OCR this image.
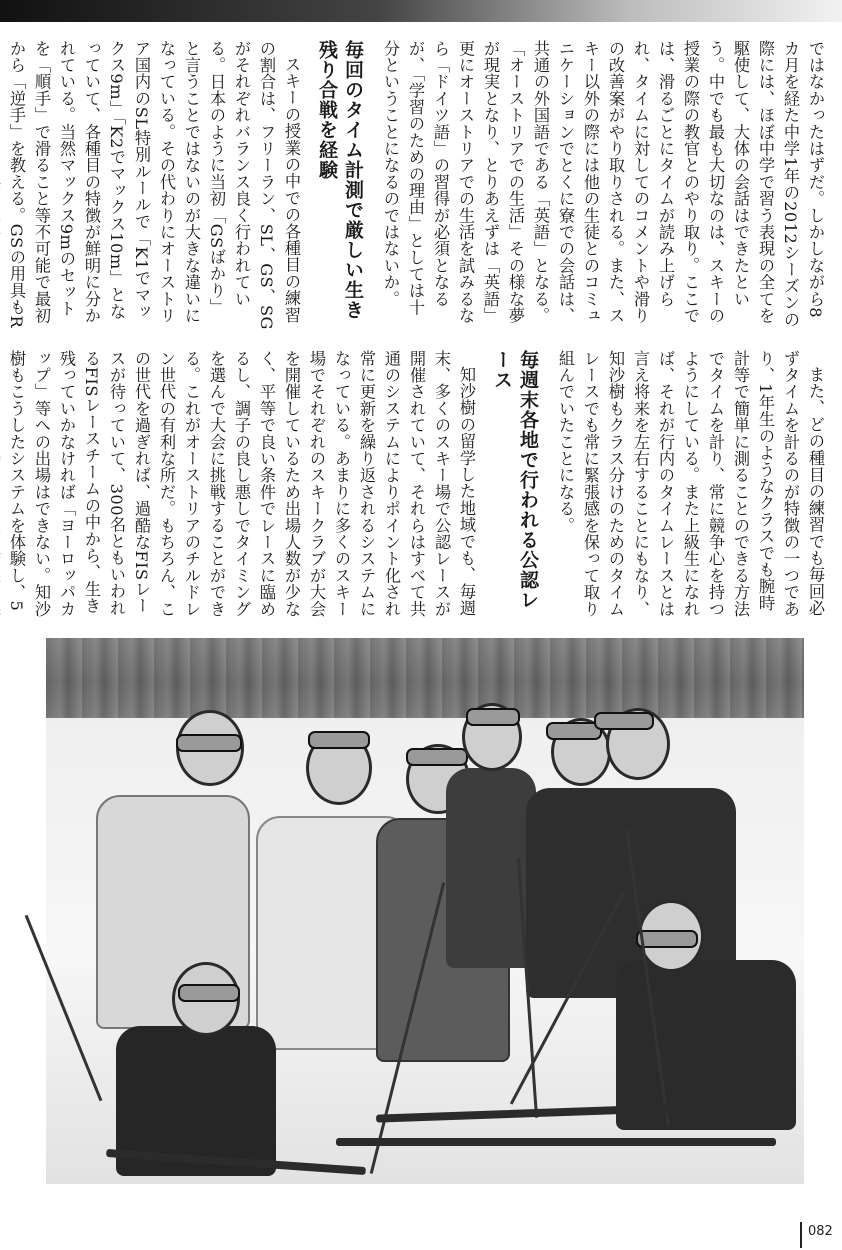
ではなかったはずだ。しかしながら8カ月を経た中学1年の2012シーズンの際には、ほぼ中学で習う表現の全てを駆使して、大体の会話はできたという。中でも最も大切なのは、スキーの授業の際の教官とのやり取り。ここでは、滑るごとにタイムが読み上げられ、タイムに対してのコメントや滑りの改善案がやり取りされる。また、スキー以外の際には他の生徒とのコミュニケーションでとくに寮での会話は、共通の外国語である「英語」となる。「オーストリアでの生活」その様な夢が現実となり、とりあえずは「英語」更にオーストリアでの生活を試みるなら「ドイツ語」の習得が必須となるが、「学習のための理由」としては十分ということになるのではないか。

毎回のタイム計測で厳しい生き残り合戦を経験

スキーの授業の中での各種目の練習の割合は、フリーラン、SL、GS、SGがそれぞれバランス良く行われている。日本のように当初「GSばかり」と言うことではないのが大きな違いになっている。その代わりにオーストリア国内のSL特別ルールで「K1でマックス9m」「K2でマックス10m」となっていて、各種目の特徴が鮮明に分かれている。当然マックス9mのセットを「順手」で滑ること等不可能で最初から「逆手」を教える。GSの用具もR

また、どの種目の練習でも毎回必ずタイムを計るのが特徴の一つであり、1年生のようなクラスでも腕時計等で簡単に測ることのできる方法でタイムを計り、常に競争心を持つようにしている。また上級生になれば、それが行内のタイムレースとは言え将来を左右することにもなり、知沙樹もクラス分けのためのタイムレースでも常に緊張感を保って取り組んでいたことになる。

毎週末各地で行われる公認レース

知沙樹の留学した地域でも、毎週末、多くのスキー場で公認レースが開催されていて、それらはすべて共通のシステムによりポイント化され常に更新を繰り返されるシステムになっている。あまりに多くのスキー場でそれぞれのスキークラブが大会を開催しているため出場人数が少なく、平等で良い条件でレースに臨めるし、調子の良し悪しでタイミングを選んで大会に挑戦することができる。これがオーストリアのチルドレン世代の有利な所だ。もちろん、この世代を過ぎれば、過酷なFISレースが待っていて、300名ともいわれるFISレースチームの中から、生き残っていかなければ「ヨーロッパカップ」等への出場はできない。知沙樹もこうしたシステムを体験し、5

082
